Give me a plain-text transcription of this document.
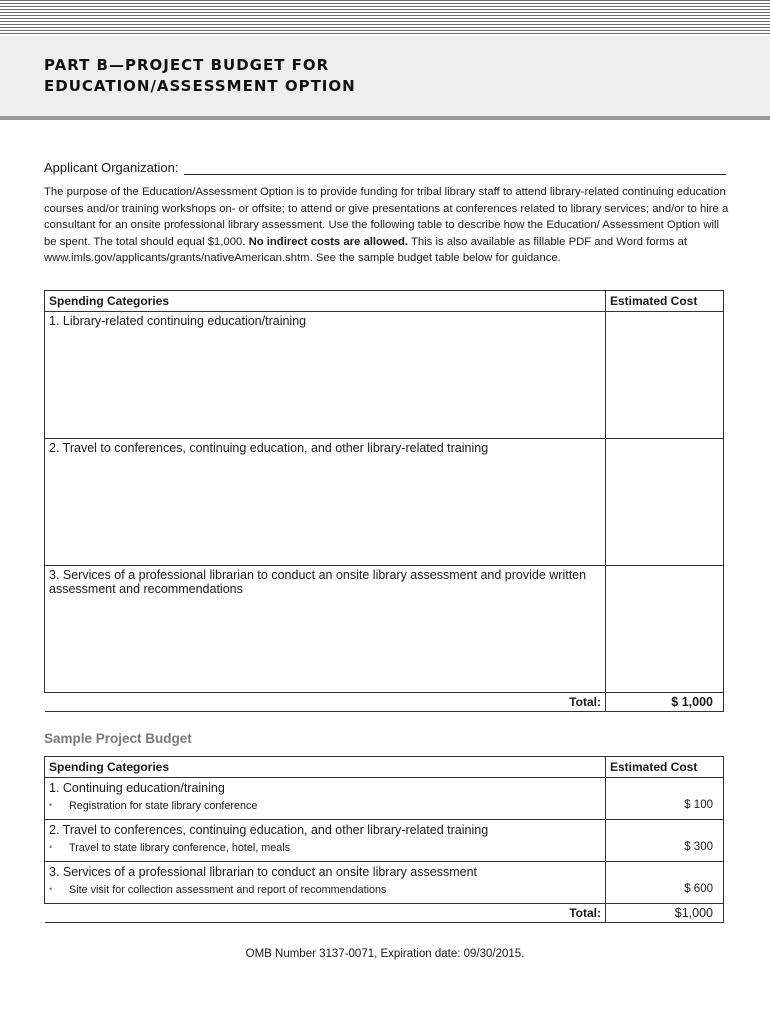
PART B—PROJECT BUDGET FOR
EDUCATION/ASSESSMENT OPTION
Applicant Organization:

The purpose of the Education/Assessment Option is to provide funding for tribal library staff to attend library-related continuing education courses and/or training workshops on- or offsite; to attend or give presentations at conferences related to library services; and/or to hire a consultant for an onsite professional library assessment. Use the following table to describe how the Education/ Assessment Option will be spent. The total should equal $1,000. No indirect costs are allowed. This is also available as fillable PDF and Word forms at www.imls.gov/applicants/grants/nativeAmerican.shtm. See the sample budget table below for guidance.

Spending Categories	Estimated Cost
1. Library-related continuing education/training	
2. Travel to conferences, continuing education, and other library-related training	
3. Services of a professional librarian to conduct an onsite library assessment and provide written assessment and recommendations	
Total:	$ 1,000
Sample Project Budget
Spending Categories	Estimated Cost

1. Continuing education/training
• Registration for state library conference	$ 100

2. Travel to conferences, continuing education, and other library-related training
• Travel to state library conference, hotel, meals	$ 300

3. Services of a professional librarian to conduct an onsite library assessment
• Site visit for collection assessment and report of recommendations	$ 600
Total:	$1,000
OMB Number 3137-0071, Expiration date: 09/30/2015.
